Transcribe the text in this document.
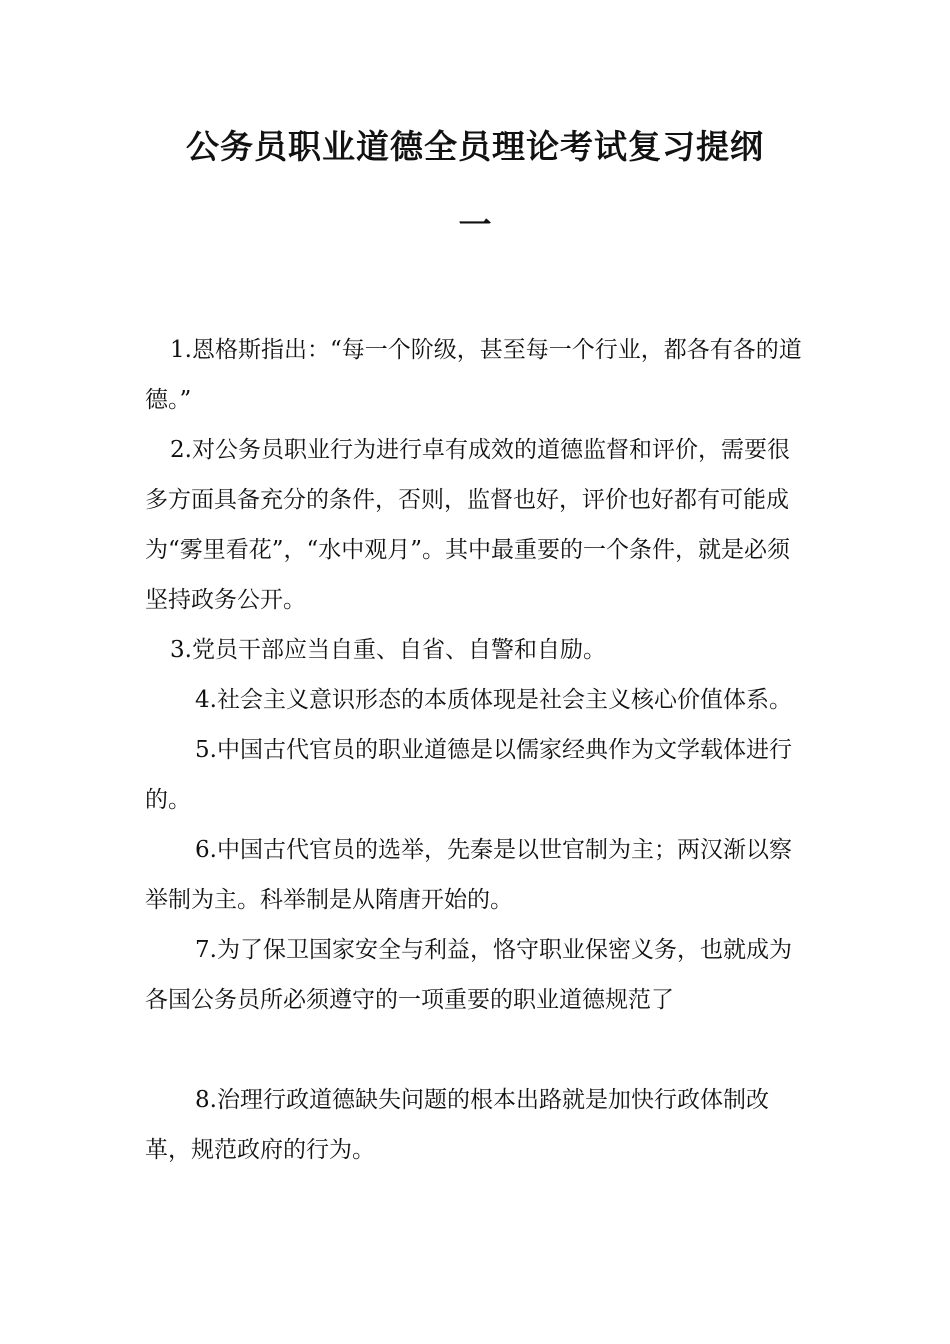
公务员职业道德全员理论考试复习提纲
一

1.恩格斯指出：“每一个阶级，甚至每一个行业，都各有各的道德。”

2.对公务员职业行为进行卓有成效的道德监督和评价，需要很多方面具备充分的条件，否则，监督也好，评价也好都有可能成为“雾里看花”，“水中观月”。其中最重要的一个条件，就是必须坚持政务公开。

3.党员干部应当自重、自省、自警和自励。

4.社会主义意识形态的本质体现是社会主义核心价值体系。

5.中国古代官员的职业道德是以儒家经典作为文学载体进行的。

6.中国古代官员的选举，先秦是以世官制为主；两汉渐以察举制为主。科举制是从隋唐开始的。

7.为了保卫国家安全与利益，恪守职业保密义务，也就成为各国公务员所必须遵守的一项重要的职业道德规范了

8.治理行政道德缺失问题的根本出路就是加快行政体制改革，规范政府的行为。
